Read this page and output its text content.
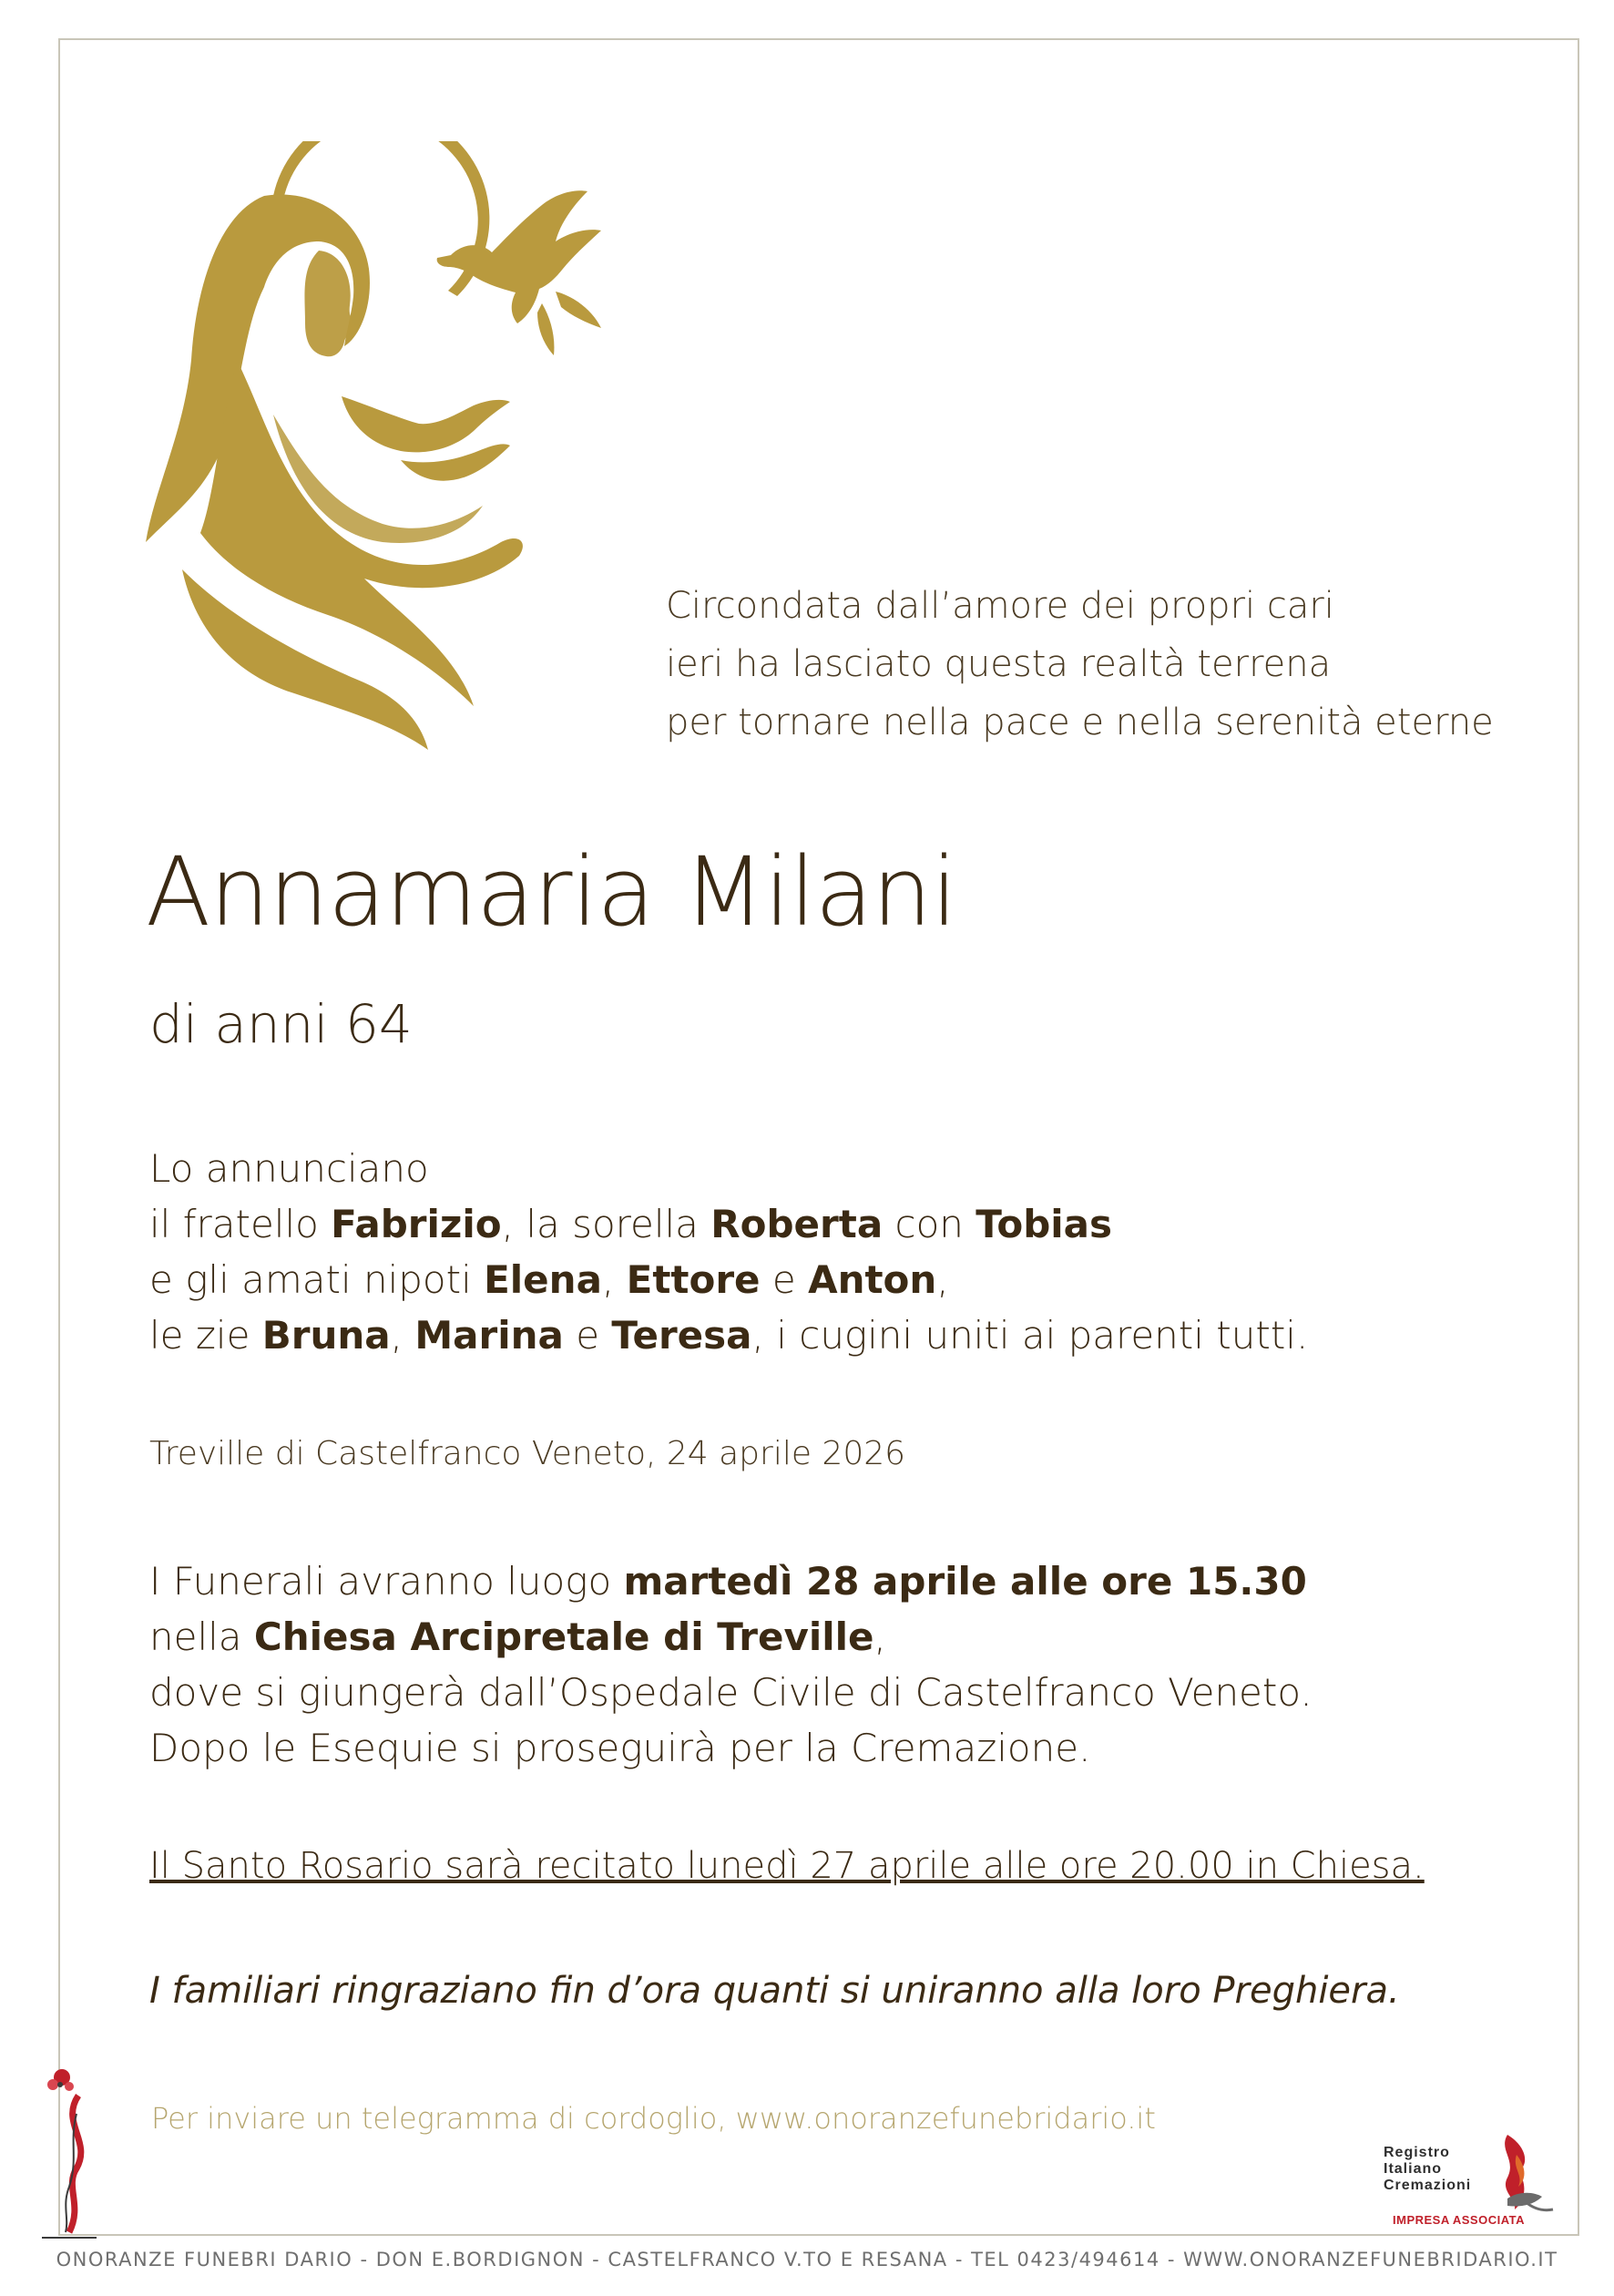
Circondata dall’amore dei propri cari
ieri ha lasciato questa realtà terrena
per tornare nella pace e nella serenità eterne
Annamaria Milani
di anni 64
Lo annunciano
il fratello Fabrizio, la sorella Roberta con Tobias
e gli amati nipoti Elena, Ettore e Anton,
le zie Bruna, Marina e Teresa, i cugini uniti ai parenti tutti.
Treville di Castelfranco Veneto, 24 aprile 2026
I Funerali avranno luogo martedì 28 aprile alle ore 15.30
nella Chiesa Arcipretale di Treville,
dove si giungerà dall’Ospedale Civile di Castelfranco Veneto.
Dopo le Esequie si proseguirà per la Cremazione.
Il Santo Rosario sarà recitato lunedì 27 aprile alle ore 20.00 in Chiesa.
I familiari ringraziano fin d’ora quanti si uniranno alla loro Preghiera.
Per inviare un telegramma di cordoglio, www.onoranzefunebridario.it
Registro
Italiano
Cremazioni
IMPRESA ASSOCIATA
ONORANZE FUNEBRI DARIO - DON E.BORDIGNON - CASTELFRANCO V.TO E RESANA - TEL 0423/494614 - WWW.ONORANZEFUNEBRIDARIO.IT
